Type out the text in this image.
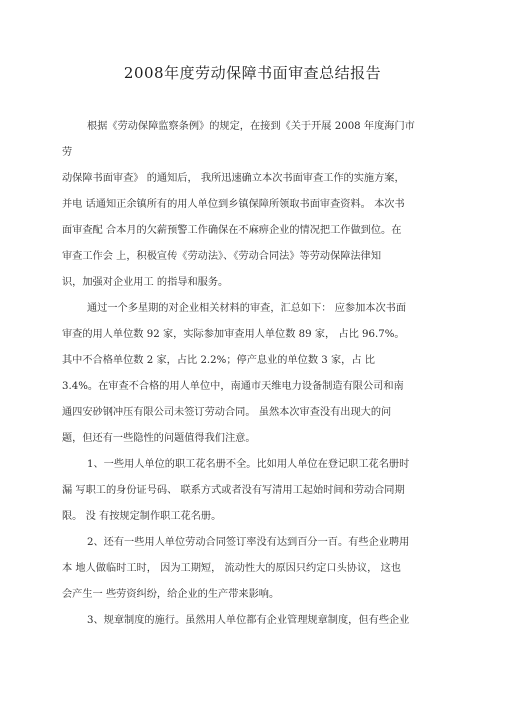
2008年度劳动保障书面审查总结报告
根据《劳动保障监察条例》的规定，在接到《关于开展 2008 年度海门市
劳
动保障书面审查》 的通知后， 我所迅速确立本次书面审查工作的实施方案，
并电 话通知正余镇所有的用人单位到乡镇保障所领取书面审查资料。 本次书
面审查配 合本月的欠薪预警工作确保在不麻痹企业的情况把工作做到位。在
审查工作会 上，积极宣传《劳动法》、《劳动合同法》等劳动保障法律知
识，加强对企业用工 的指导和服务。
通过一个多星期的对企业相关材料的审查，汇总如下： 应参加本次书面
审查的用人单位数 92 家，实际参加审查用人单位数 89 家， 占比 96.7%。
其中不合格单位数 2 家，占比 2.2%；停产息业的单位数 3 家，占 比
3.4%。在审查不合格的用人单位中，南通市天维电力设备制造有限公司和南
通四安砂钢冲压有限公司未签订劳动合同。 虽然本次审查没有出现大的问
题，但还有一些隐性的问题值得我们注意。
1、一些用人单位的职工花名册不全。比如用人单位在登记职工花名册时
漏 写职工的身份证号码、 联系方式或者没有写清用工起始时间和劳动合同期
限。 没 有按规定制作职工花名册。
2、还有一些用人单位劳动合同签订率没有达到百分一百。有些企业聘用
本 地人做临时工时， 因为工期短， 流动性大的原因只约定口头协议， 这也
会产生一 些劳资纠纷，给企业的生产带来影响。
3、规章制度的施行。虽然用人单位都有企业管理规章制度，但有些企业
